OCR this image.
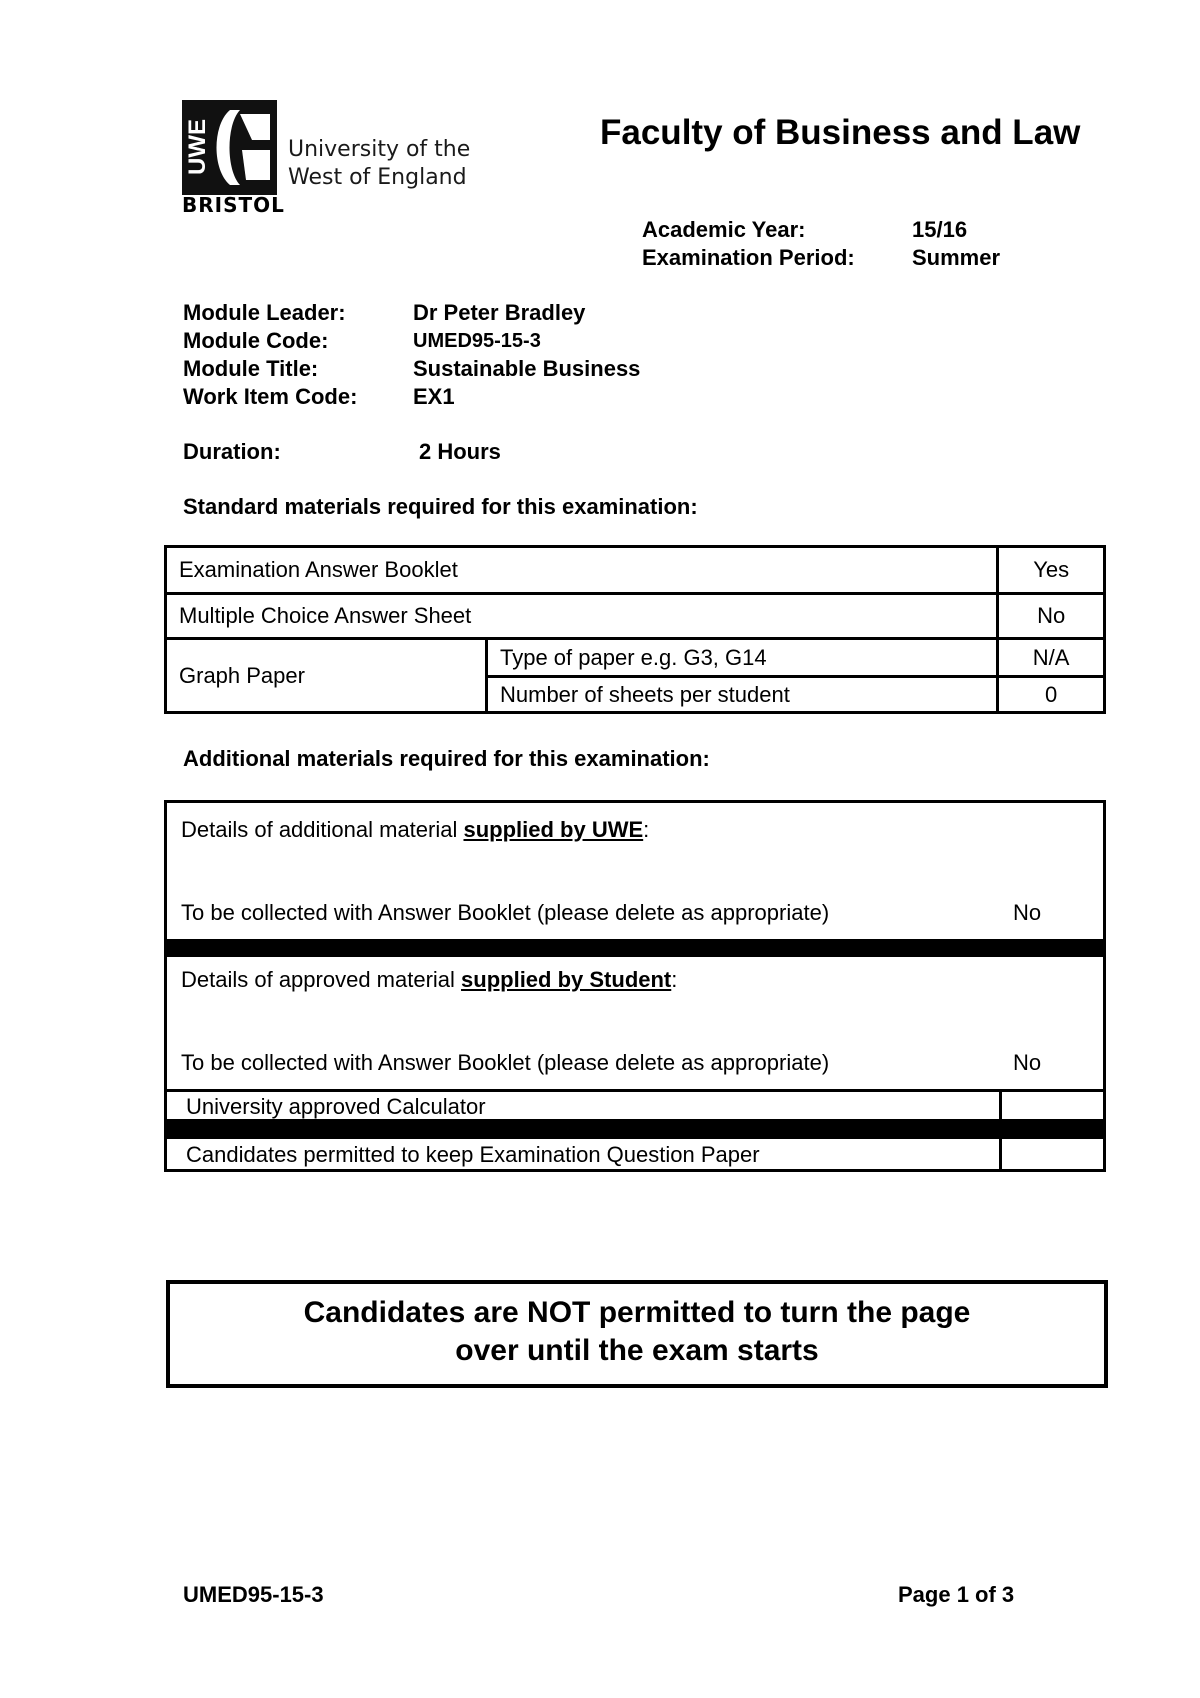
UWE	University of the
West of England
BRISTOL
Faculty of Business and Law
Academic Year:	15/16
Examination Period:	Summer
Module Leader:	Dr Peter Bradley
Module Code:	UMED95-15-3
Module Title:	Sustainable Business
Work Item Code:	EX1
Duration:	2 Hours
Standard materials required for this examination:
Examination Answer Booklet		Yes
Multiple Choice Answer Sheet		No
Graph Paper	Type of paper e.g. G3, G14	N/A
	Number of sheets per student	0
Additional materials required for this examination:
Details of additional material supplied by UWE:
To be collected with Answer Booklet (please delete as appropriate)	No
Details of approved material supplied by Student:
To be collected with Answer Booklet (please delete as appropriate)	No
University approved Calculator
Candidates permitted to keep Examination Question Paper
Candidates are NOT permitted to turn the page
over until the exam starts
UMED95-15-3	Page 1 of 3
